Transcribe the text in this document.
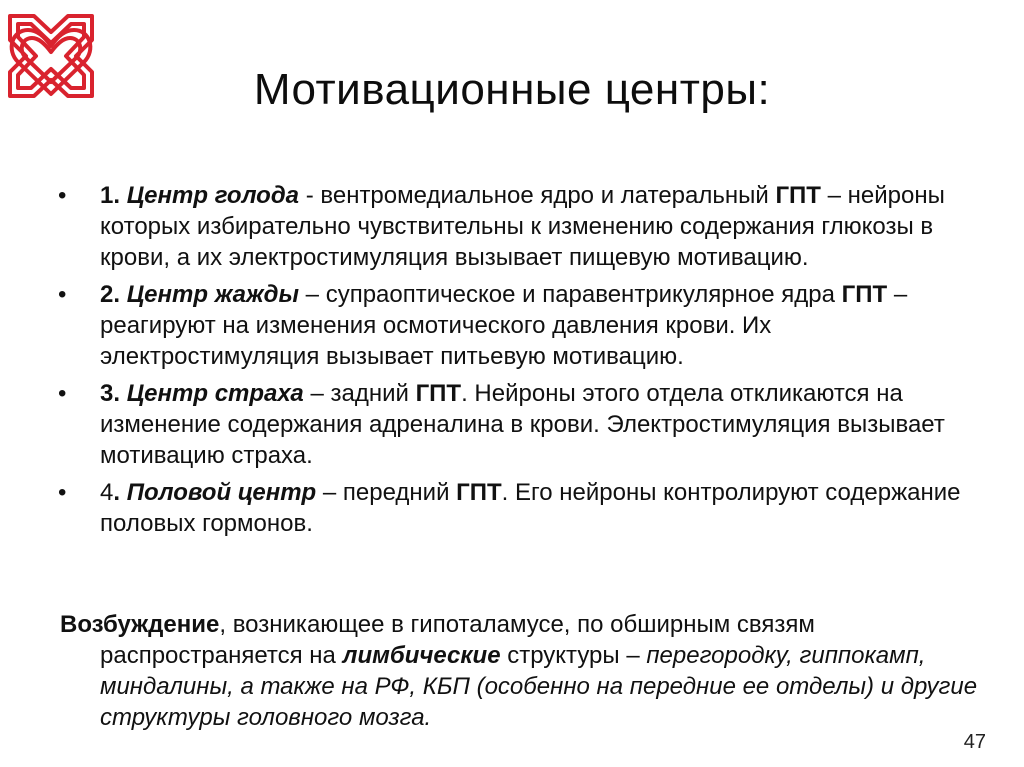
Мотивационные центры:
• 1. Центр голода - вентромедиальное ядро и латеральный ГПТ – нейроны которых избирательно чувствительны к изменению содержания глюкозы в крови, а их электростимуляция вызывает пищевую мотивацию.
• 2. Центр жажды – супраоптическое и паравентрикулярное ядра ГПТ – реагируют на изменения осмотического давления крови. Их электростимуляция вызывает питьевую мотивацию.
• 3. Центр страха – задний ГПТ. Нейроны этого отдела откликаются на изменение содержания адреналина в крови. Электростимуляция вызывает мотивацию страха.
• 4. Половой центр – передний ГПТ. Его нейроны контролируют содержание половых гормонов.
Возбуждение, возникающее в гипоталамусе, по обширным связям распространяется на лимбические структуры – перегородку, гиппокамп, миндалины, а также на РФ, КБП (особенно на передние ее отделы) и другие структуры головного мозга.
47
